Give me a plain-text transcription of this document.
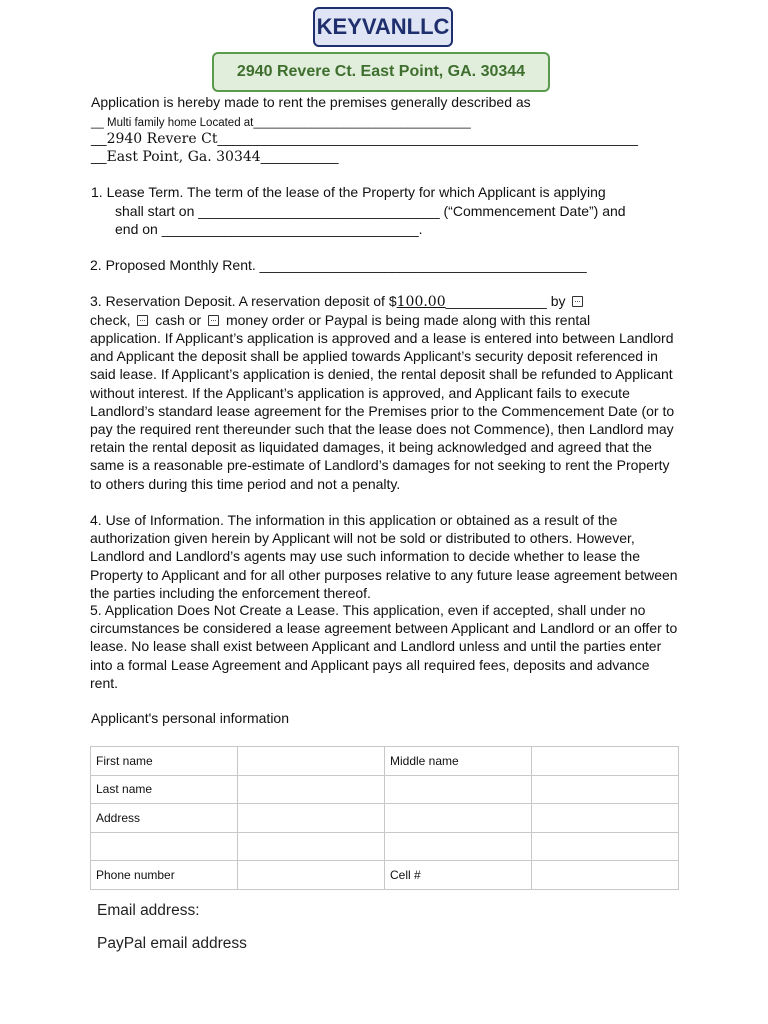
KEYVANLLC
2940 Revere Ct. East Point, GA. 30344
Application is hereby made to rent the premises generally described as
__ Multi family home Located at__________________________________
__2940 Revere Ct______________________________________________________
__East Point, Ga. 30344__________
1. Lease Term. The term of the lease of the Property for which Applicant is applying
shall start on _______________________________ (“Commencement Date”) and
end on _________________________________.
2. Proposed Monthly Rent. __________________________________________
3. Reservation Deposit. A reservation deposit of $100.00_____________ by
check, cash or money order or Paypal is being made along with this rental
application. If Applicant’s application is approved and a lease is entered into between Landlord and Applicant the deposit shall be applied towards Applicant’s security deposit referenced in said lease. If Applicant’s application is denied, the rental deposit shall be refunded to Applicant without interest. If the Applicant’s application is approved, and Applicant fails to execute Landlord’s standard lease agreement for the Premises prior to the Commencement Date (or to pay the required rent thereunder such that the lease does not Commence), then Landlord may retain the rental deposit as liquidated damages, it being acknowledged and agreed that the same is a reasonable pre-estimate of Landlord’s damages for not seeking to rent the Property to others during this time period and not a penalty.
4. Use of Information. The information in this application or obtained as a result of the authorization given herein by Applicant will not be sold or distributed to others. However, Landlord and Landlord’s agents may use such information to decide whether to lease the Property to Applicant and for all other purposes relative to any future lease agreement between the parties including the enforcement thereof.
5. Application Does Not Create a Lease. This application, even if accepted, shall under no circumstances be considered a lease agreement between Applicant and Landlord or an offer to lease. No lease shall exist between Applicant and Landlord unless and until the parties enter into a formal Lease Agreement and Applicant pays all required fees, deposits and advance rent.
Applicant's personal information
First name		Middle name	
Last name			
Address			

Phone number		Cell #	
Email address:
PayPal email address
